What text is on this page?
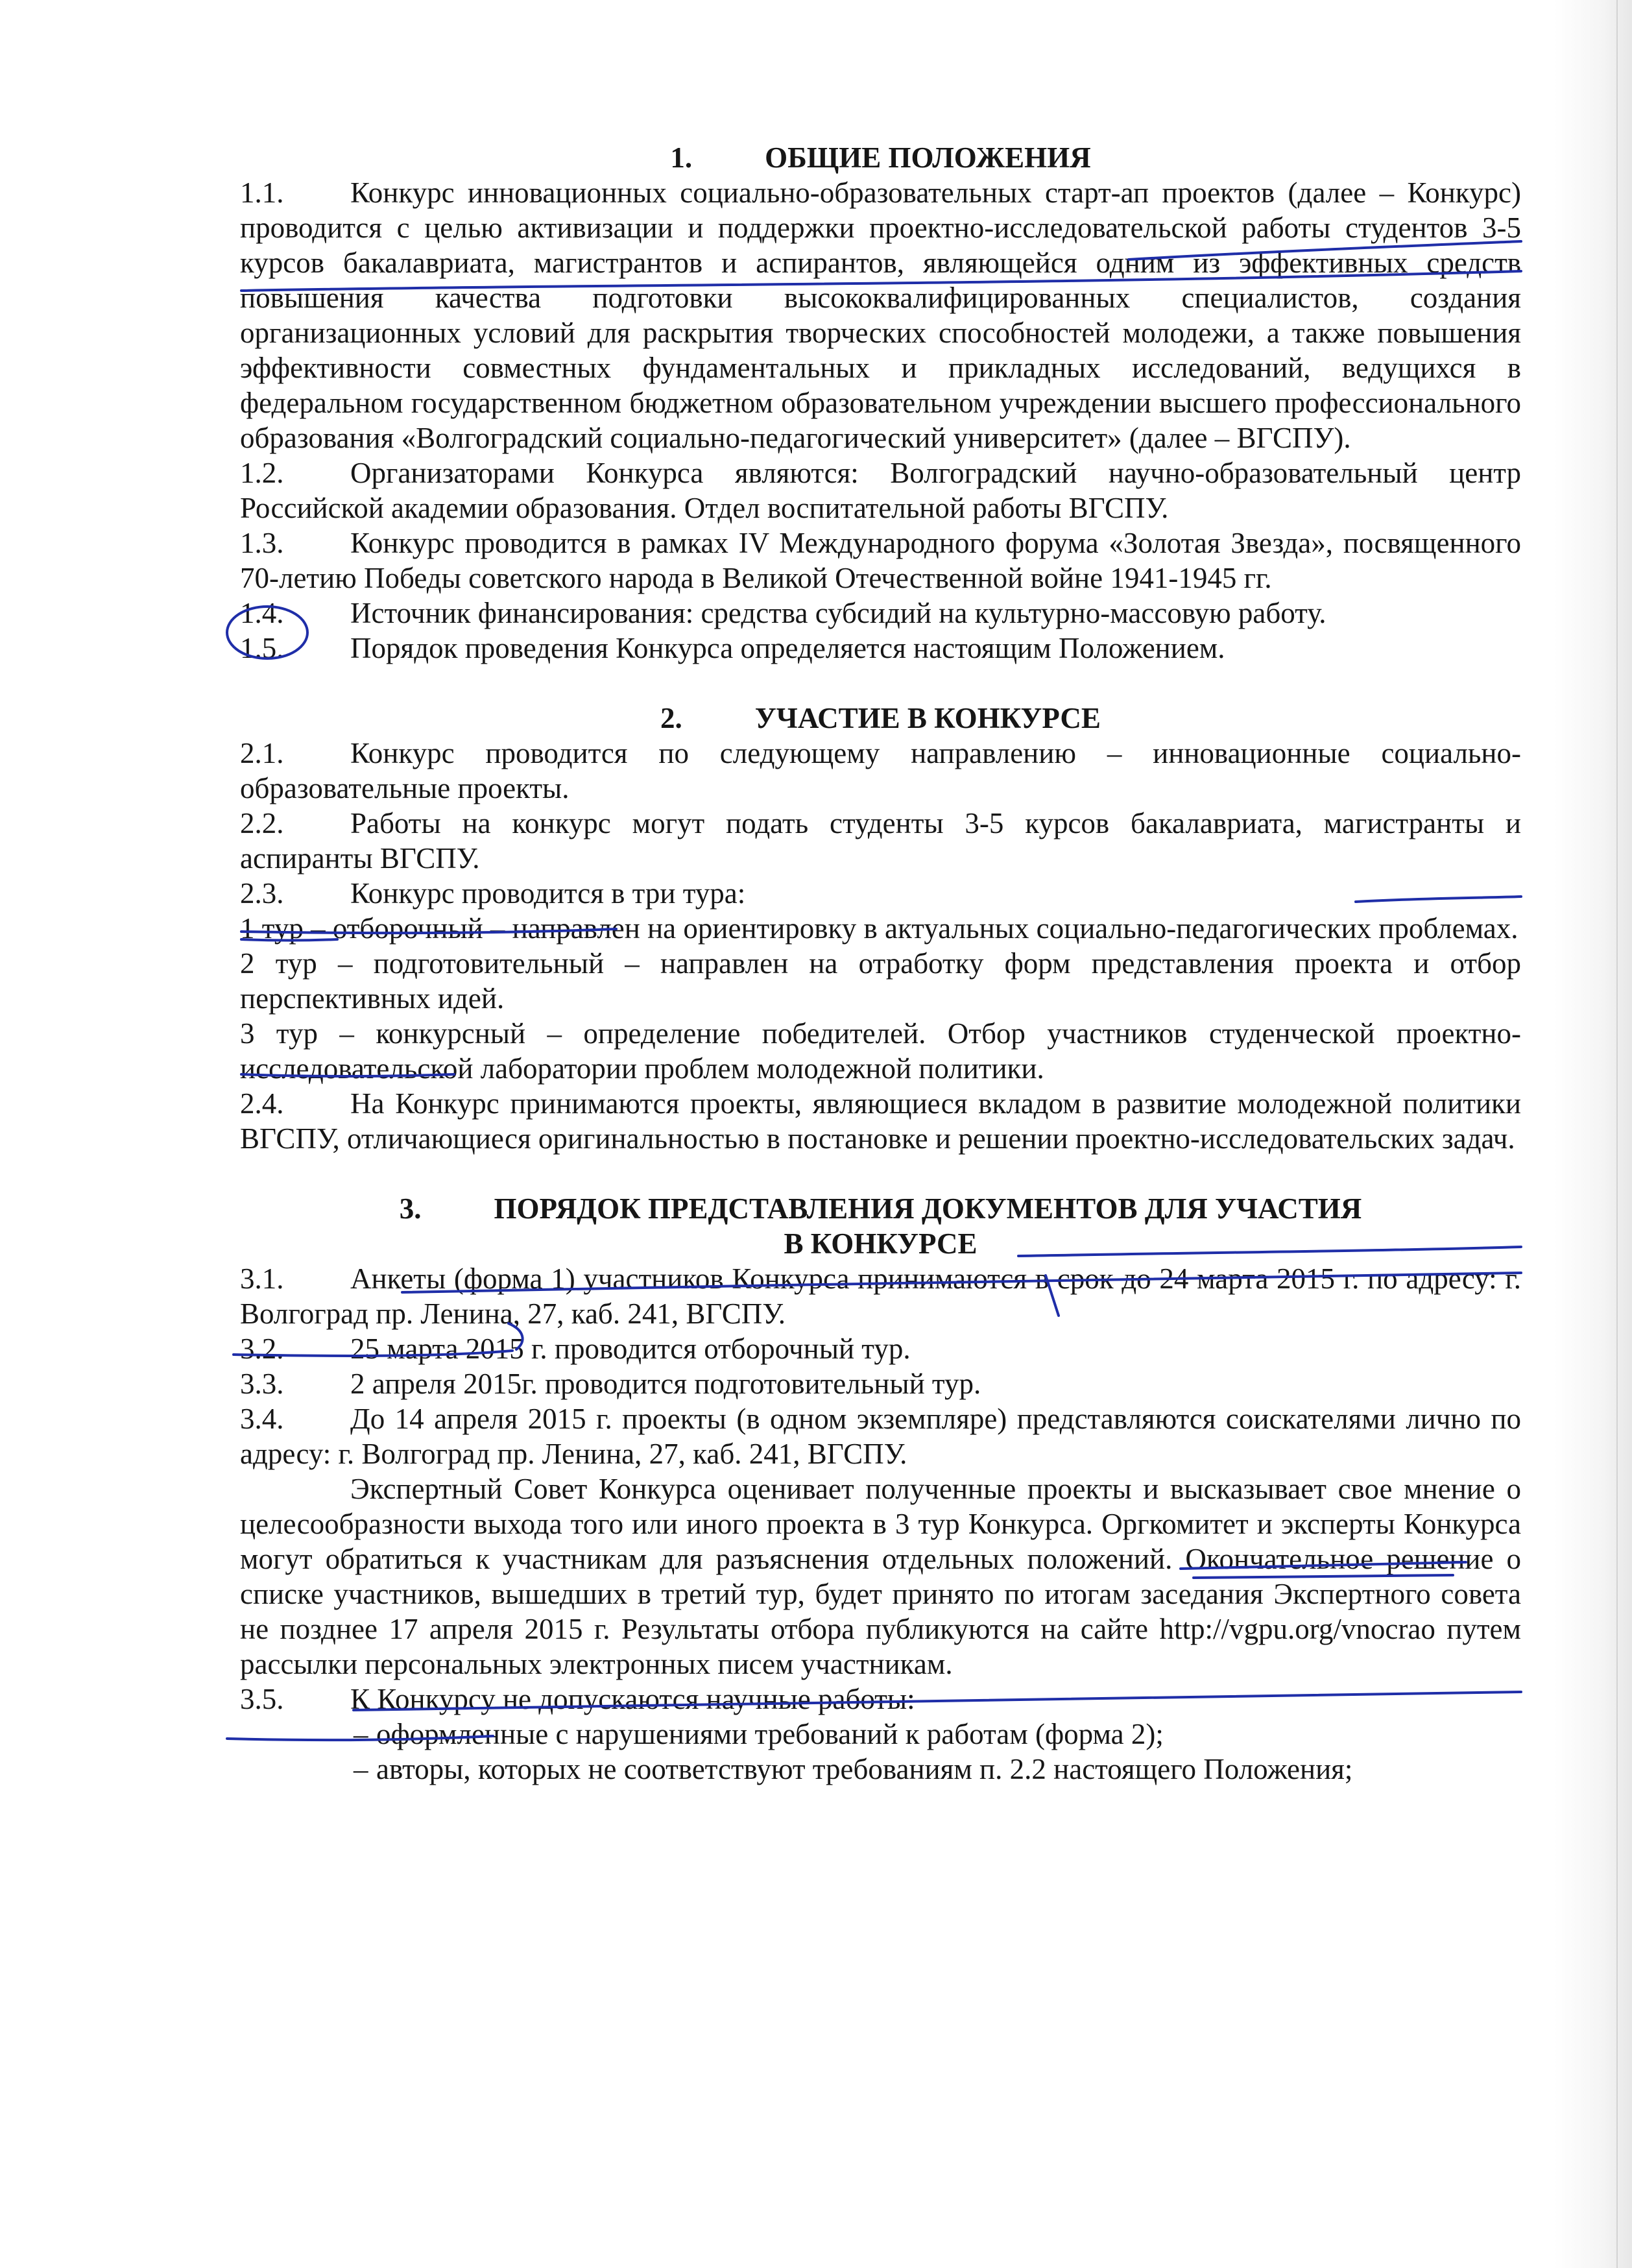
1. ОБЩИЕ ПОЛОЖЕНИЯ

1.1. Конкурс инновационных социально-образовательных старт-ап проектов (далее – Конкурс) проводится с целью активизации и поддержки проектно-исследовательской работы студентов 3-5 курсов бакалавриата, магистрантов и аспирантов, являющейся одним из эффективных средств повышения качества подготовки высококвалифицированных специалистов, создания организационных условий для раскрытия творческих способностей молодежи, а также повышения эффективности совместных фундаментальных и прикладных исследований, ведущихся в федеральном государственном бюджетном образовательном учреждении высшего профессионального образования «Волгоградский социально-педагогический университет» (далее – ВГСПУ).

1.2. Организаторами Конкурса являются: Волгоградский научно-образовательный центр Российской академии образования. Отдел воспитательной работы ВГСПУ.

1.3. Конкурс проводится в рамках IV Международного форума «Золотая Звезда», посвященного 70-летию Победы советского народа в Великой Отечественной войне 1941-1945 гг.

1.4. Источник финансирования: средства субсидий на культурно-массовую работу.

1.5. Порядок проведения Конкурса определяется настоящим Положением.

2. УЧАСТИЕ В КОНКУРСЕ

2.1. Конкурс проводится по следующему направлению – инновационные социально-образовательные проекты.

2.2. Работы на конкурс могут подать студенты 3-5 курсов бакалавриата, магистранты и аспиранты ВГСПУ.

2.3. Конкурс проводится в три тура:

1 тур – отборочный – направлен на ориентировку в актуальных социально-педагогических проблемах.

2 тур – подготовительный – направлен на отработку форм представления проекта и отбор перспективных идей.

3 тур – конкурсный – определение победителей. Отбор участников студенческой проектно-исследовательской лаборатории проблем молодежной политики.

2.4. На Конкурс принимаются проекты, являющиеся вкладом в развитие молодежной политики ВГСПУ, отличающиеся оригинальностью в постановке и решении проектно-исследовательских задач.

3. ПОРЯДОК ПРЕДСТАВЛЕНИЯ ДОКУМЕНТОВ ДЛЯ УЧАСТИЯ
В КОНКУРСЕ

3.1. Анкеты (форма 1) участников Конкурса принимаются в срок до 24 марта 2015 г. по адресу: г. Волгоград пр. Ленина, 27, каб. 241, ВГСПУ.

3.2. 25 марта 2015 г. проводится отборочный тур.

3.3. 2 апреля 2015г. проводится подготовительный тур.

3.4. До 14 апреля 2015 г. проекты (в одном экземпляре) представляются соискателями лично по адресу: г. Волгоград пр. Ленина, 27, каб. 241, ВГСПУ.

Экспертный Совет Конкурса оценивает полученные проекты и высказывает свое мнение о целесообразности выхода того или иного проекта в 3 тур Конкурса. Оргкомитет и эксперты Конкурса могут обратиться к участникам для разъяснения отдельных положений. Окончательное решение о списке участников, вышедших в третий тур, будет принято по итогам заседания Экспертного совета не позднее 17 апреля 2015 г. Результаты отбора публикуются на сайте http://vgpu.org/vnocrao путем рассылки персональных электронных писем участникам.

3.5. К Конкурсу не допускаются научные работы:

– оформленные с нарушениями требований к работам (форма 2);

– авторы, которых не соответствуют требованиям п. 2.2 настоящего Положения;
